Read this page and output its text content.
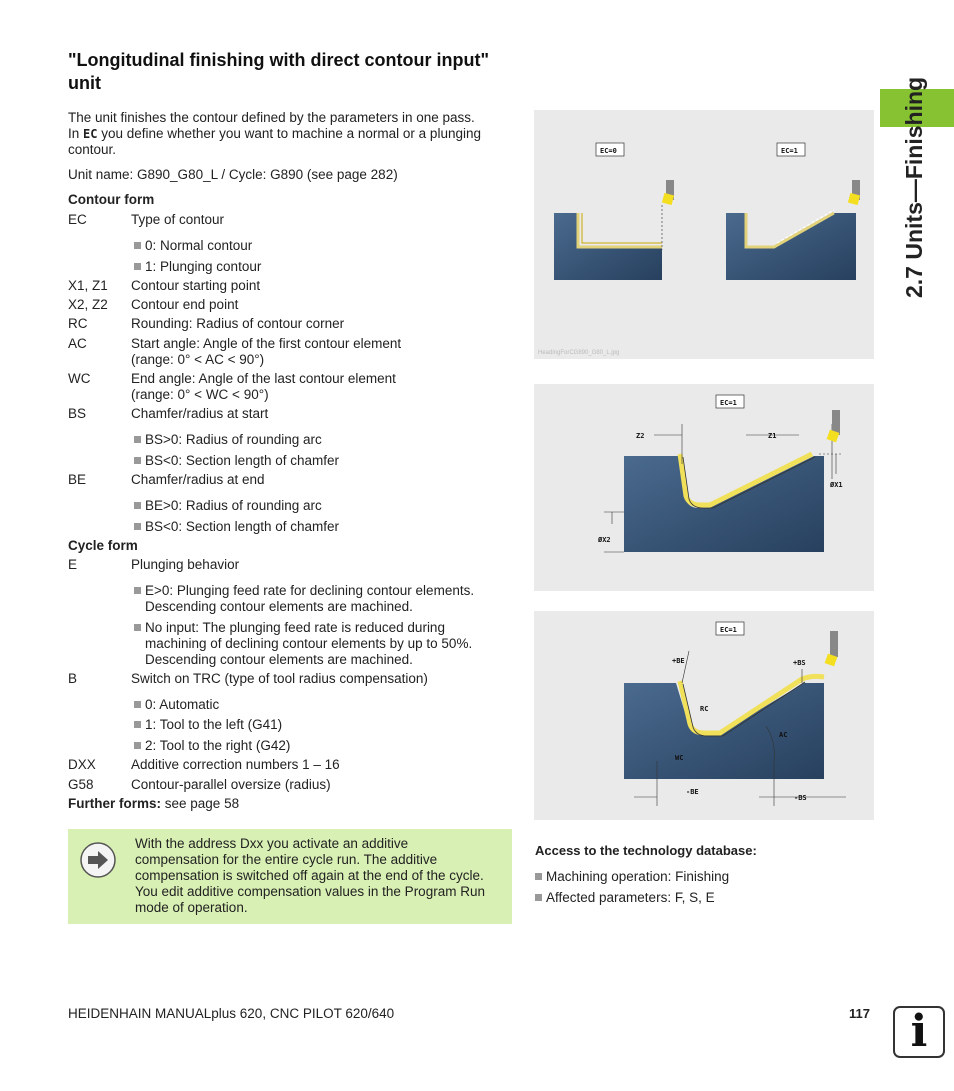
"Longitudinal finishing with direct contour input" unit
The unit finishes the contour defined by the parameters in one pass.
In EC you define whether you want to machine a normal or a plunging
contour.
Unit name: G890_G80_L / Cycle: G890 (see page 282)
Contour form
EC	Type of contour
0: Normal contour
1: Plunging contour
X1, Z1 Contour starting point
X2, Z2 Contour end point
RC	Rounding: Radius of contour corner
AC	Start angle: Angle of the first contour element
(range: 0° < AC < 90°)
WC	End angle: Angle of the last contour element
(range: 0° < WC < 90°)
BS	Chamfer/radius at start
BS>0: Radius of rounding arc
BS<0: Section length of chamfer
BE	Chamfer/radius at end
BE>0: Radius of rounding arc
BS<0: Section length of chamfer
Cycle form
E	Plunging behavior
E>0: Plunging feed rate for declining contour elements.
Descending contour elements are machined.
No input: The plunging feed rate is reduced during
machining of declining contour elements by up to 50%.
Descending contour elements are machined.
B	Switch on TRC (type of tool radius compensation)
0: Automatic
1: Tool to the left (G41)
2: Tool to the right (G42)
DXX	Additive correction numbers 1 – 16
G58	Contour-parallel oversize (radius)
Further forms: see page 58
With the address Dxx you activate an additive
compensation for the entire cycle run. The additive
compensation is switched off again at the end of the cycle.
You edit additive compensation values in the Program Run
mode of operation.
EC=0	EC=1
HeadingForCG890_G80_L.jpg
EC=1
Z2	Z1
ØX1
ØX2
EC=1
+BE	+BS
RC
AC
WC
-BE
-BS
Access to the technology database:
Machining operation: Finishing
Affected parameters: F, S, E
2.7 Units—Finishing
HEIDENHAIN MANUALplus 620, CNC PILOT 620/640	117 i
